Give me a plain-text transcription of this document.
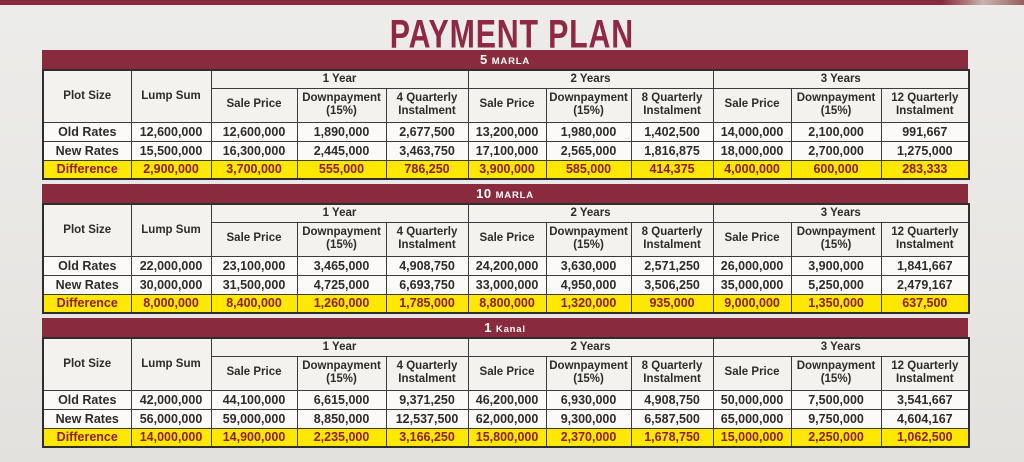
PAYMENT PLAN
5 MARLA
Plot Size	Lump Sum	1 Year			2 Years			3 Years		
		Sale Price	Downpayment (15%)	4 Quarterly Instalment	Sale Price	Downpayment (15%)	8 Quarterly Instalment	Sale Price	Downpayment (15%)	12 Quarterly Instalment
Old Rates	12,600,000	12,600,000	1,890,000	2,677,500	13,200,000	1,980,000	1,402,500	14,000,000	2,100,000	991,667
New Rates	15,500,000	16,300,000	2,445,000	3,463,750	17,100,000	2,565,000	1,816,875	18,000,000	2,700,000	1,275,000
Difference	2,900,000	3,700,000	555,000	786,250	3,900,000	585,000	414,375	4,000,000	600,000	283,333
10 MARLA
Plot Size	Lump Sum	1 Year			2 Years			3 Years		
		Sale Price	Downpayment (15%)	4 Quarterly Instalment	Sale Price	Downpayment (15%)	8 Quarterly Instalment	Sale Price	Downpayment (15%)	12 Quarterly Instalment
Old Rates	22,000,000	23,100,000	3,465,000	4,908,750	24,200,000	3,630,000	2,571,250	26,000,000	3,900,000	1,841,667
New Rates	30,000,000	31,500,000	4,725,000	6,693,750	33,000,000	4,950,000	3,506,250	35,000,000	5,250,000	2,479,167
Difference	8,000,000	8,400,000	1,260,000	1,785,000	8,800,000	1,320,000	935,000	9,000,000	1,350,000	637,500
1 Kanal
Plot Size	Lump Sum	1 Year			2 Years			3 Years		
		Sale Price	Downpayment (15%)	4 Quarterly Instalment	Sale Price	Downpayment (15%)	8 Quarterly Instalment	Sale Price	Downpayment (15%)	12 Quarterly Instalment
Old Rates	42,000,000	44,100,000	6,615,000	9,371,250	46,200,000	6,930,000	4,908,750	50,000,000	7,500,000	3,541,667
New Rates	56,000,000	59,000,000	8,850,000	12,537,500	62,000,000	9,300,000	6,587,500	65,000,000	9,750,000	4,604,167
Difference	14,000,000	14,900,000	2,235,000	3,166,250	15,800,000	2,370,000	1,678,750	15,000,000	2,250,000	1,062,500
